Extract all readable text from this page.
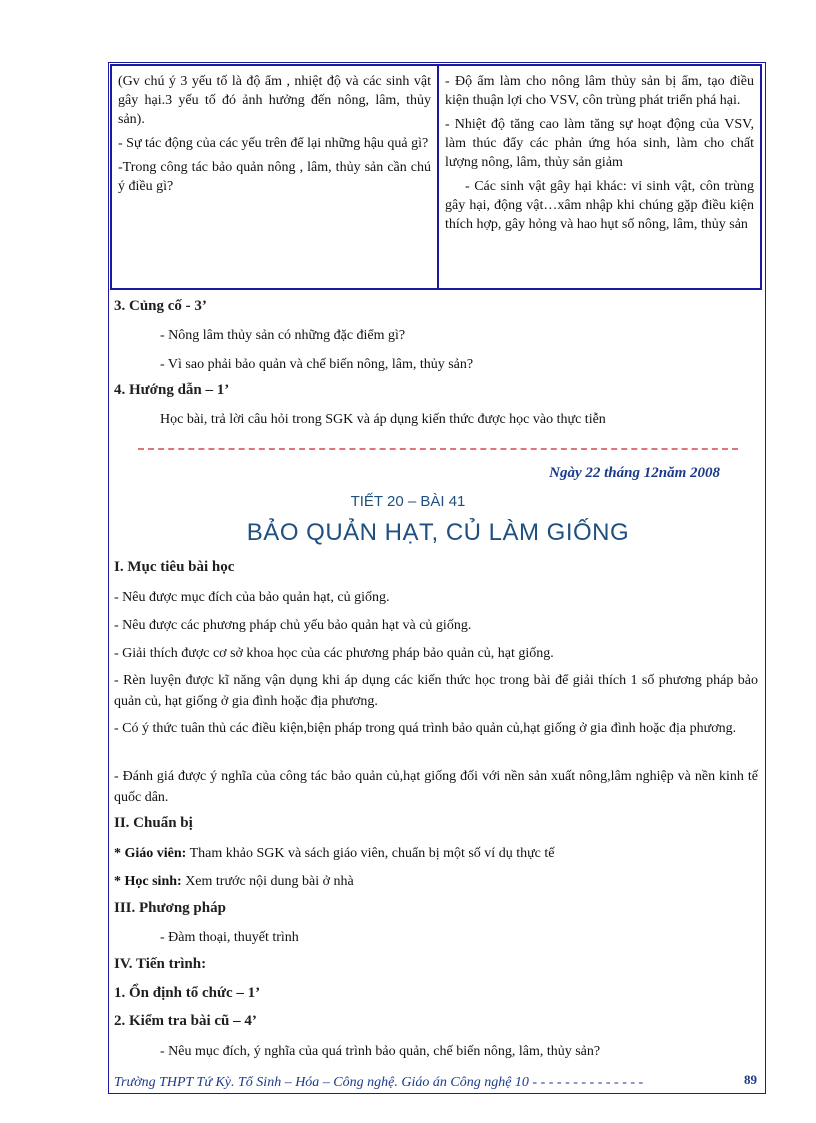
(Gv chú ý 3 yếu tố là độ ẩm , nhiệt độ và các sinh vật gây hại.3 yếu tố đó ảnh hưởng đến nông, lâm, thủy sản).

- Sự tác động của các yếu trên để lại những hậu quả gì?

-Trong công tác bảo quản nông , lâm, thủy sản cần chú ý điều gì?

- Độ ẩm làm cho nông lâm thủy sản bị ẩm, tạo điều kiện thuận lợi cho VSV, côn trùng phát triển phá hại.

- Nhiệt độ tăng cao làm tăng sự hoạt động của VSV, làm thúc đẩy các phản ứng hóa sinh, làm cho chất lượng nông, lâm, thủy sản giảm

- Các sinh vật gây hại khác: vi sinh vật, côn trùng gây hại, động vật…xâm nhập khi chúng gặp điều kiện thích hợp, gây hỏng và hao hụt số nông, lâm, thủy sản

3. Củng cố - 3’
- Nông lâm thủy sản có những đặc điểm gì?
- Vì sao phải bảo quản và chế biến nông, lâm, thủy sản?
4. Hướng dẫn – 1’
Học bài, trả lời câu hỏi trong SGK và áp dụng kiến thức được học vào thực tiễn
Ngày 22 tháng 12năm 2008
TIẾT 20 – BÀI 41
BẢO QUẢN HẠT, CỦ LÀM GIỐNG
I. Mục tiêu bài học
- Nêu được mục đích của bảo quản hạt, củ giống.
- Nêu được các phương pháp chủ yếu bảo quản hạt và củ giống.
- Giải thích được cơ sở khoa học của các phương pháp bảo quản củ, hạt giống.
- Rèn luyện được kĩ năng vận dụng khi áp dụng các kiến thức học trong bài để giải thích 1 số phương pháp bảo quản củ, hạt giống ở gia đình hoặc địa phương.
- Có ý thức tuân thủ các điều kiện,biện pháp trong quá trình bảo quản củ,hạt giống ở gia đình hoặc địa phương.
- Đánh giá được ý nghĩa của công tác bảo quản củ,hạt giống đối với nền sản xuất nông,lâm nghiệp và nền kinh tế quốc dân.
II. Chuẩn bị
* Giáo viên: Tham khảo SGK và sách giáo viên, chuẩn bị một số ví dụ thực tế
* Học sinh: Xem trước nội dung bài ở nhà
III. Phương pháp
- Đàm thoại, thuyết trình
IV. Tiến trình:
1. Ổn định tổ chức – 1’
2. Kiểm tra bài cũ – 4’
- Nêu mục đích, ý nghĩa của quá trình bảo quản, chế biến nông, lâm, thủy sản?
Trường THPT Tứ Kỳ. Tổ Sinh – Hóa – Công nghệ. Giáo án Công nghệ 10 - - - - - - - - - - - - - -	89
